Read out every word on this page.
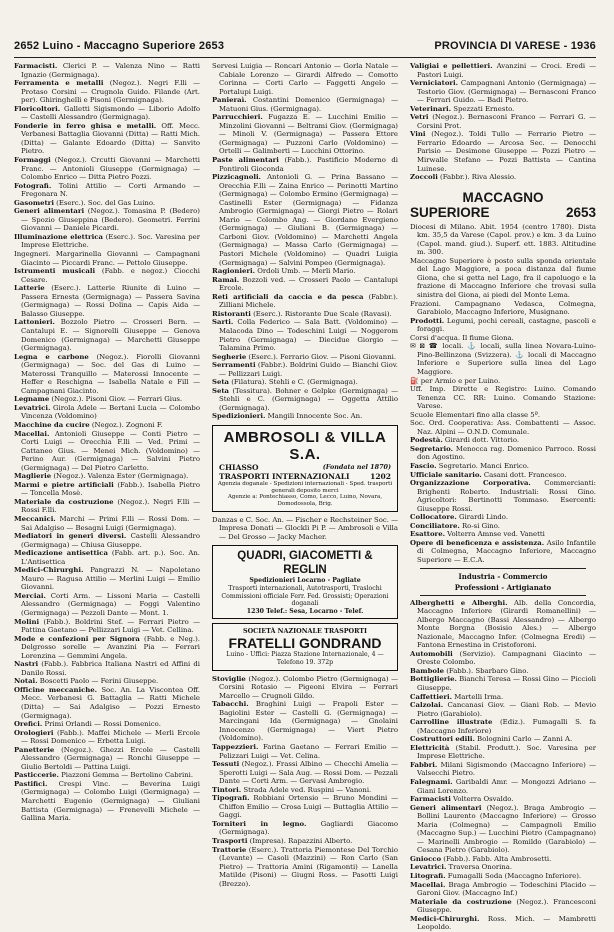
2652 Luino - Maccagno Superiore 2653	PROVINCIA DI VARESE - 1936

Farmacisti. Clerici P. — Valenza Nino — Ratti Ignazio (Germignaga).

Ferramenta e metalli (Negoz.). Negri F.lli — Protaso Corsini — Crugnola Guido. Filande (Art. per). Ghiringhelli e Pisoni (Germignaga).

Floricoltori. Galletti Sigismondo — Liborio Adolfo — Castelli Alessandro (Germignaga).

Fonderie in ferro ghisa e metalli. Off. Mecc. Verbanesi Battaglia Giovanni (Ditta) — Ratti Mich. (Ditta) — Galante Edoardo (Ditta) — Sanvito Pietro.

Formaggi (Negoz.). Crcutti Giovanni — Marchetti Franc. — Antonioli Giuseppe (Germignaga) — Colombo Enrico — Ditta Pietro Pozzi.

Fotografi. Tolini Attilio — Corti Armando — Fregonara N.

Gasometri (Eserc.). Soc. del Gas Luino.

Generi alimentari (Negoz.). Tomasina P. (Bedero) — Spozio Giuseppina (Bedero). Geometri. Ferrini Giovanni — Daniele Picardi.

Illuminazione elettrica (Eserc.). Soc. Varesina per Imprese Elettriche.

Ingegneri. Margarinella Giovanni — Campagnani Giacinto — Piccardi Franc. — Pettolo Giuseppe.

Istrumenti musicali (Fabb. e negoz.) Ciocchi Cesare.

Latterie (Eserc.). Latterie Riunite di Luino — Passera Ernesta (Germignaga) — Passera Savina (Germignaga) — Rossi Dolina — Capis Aida — Balasso Giuseppe.

Lattonieri. Bozzolo Pietro — Crosseri Bern. — Cantalupi E. — Signorelli Giuseppe — Genova Domenico (Germignaga) — Marchetti Giuseppe (Germignaga).

Legna e carbone (Negoz.). Fiorolli Giovanni (Germignaga) — Soc. del Gas di Luino — Materossi Tranquillo — Materossi Innocente — Heffer e Reschigna — Isabella Natale e Fill — Campagnani Giacinto.

Legname (Negoz.). Pisoni Giov. — Ferrari Gius.

Levatrici. Girola Adele — Bertani Lucia — Colombo Vincenza (Voldomino)

Macchine da cucire (Negoz.). Zognoni F.

Macellai. Antonioli Giuseppe — Conti Pietro — Corti Luigi — Orecchia F.lli — Ved. Primi — Cattaneo Gius. — Menei Mich. (Voldomino) — Perino Aur. (Germignaga) — Salvini Pietro (Germignaga) — Del Pietro Carletto.

Maglierie (Negoz.). Valenza Ester (Germignaga).

Marmi e pietre artificiali (Fabb.). Isabella Pietro — Toncella Mosè.

Materiale da costruzione (Negoz.). Negri F.lli — Rossi F.lli.

Meccanici. Marchi — Primi F.lli — Rossi Dom. — Sai Adalgiso — Besagni Luigi (Germignaga).

Mediatori in generi diversi. Castelli Alessandro (Germignaga) — Chiusa Giuseppe.

Medicazione antisettica (Fabb. art. p.). Soc. An. L'Antisettica

Medici-Chirurghi. Pangrazzi N. — Napoletano Mauro — Ragusa Attilio — Merlini Luigi — Emilio Giovanni.

Merciai. Corti Arm. — Lissoni Maria — Castelli Alessandro (Germignaga) — Foggi Valentino (Germignaga) — Pezzoli Dante — Mont. 1.

Molini (Fabb.). Boldrini Stef. — Ferrari Pietro — Pattina Gaetano — Pellizzari Luigi — Vet. Cellina.

Mode e confezioni per Signora (Fabb. e Neg.). Delgrosso sorelle — Avanzini Pia — Ferrari Lorenzina — Gemmini Angela.

Nastri (Fabb.). Fabbrica Italiana Nastri ed Affini di Danilo Rossi.

Notai. Boscetti Paolo — Ferini Giuseppe.

Officine meccaniche. Soc. An. La Viscontea Off. Mecc. Verbanesi G. Battaglia — Ratti Michele (Ditta) — Sai Adalgiso — Pozzi Ernesto (Germignaga).

Orefici. Primi Orlandi — Rossi Domenico.

Orologieri (Fabb.). Maffei Michele — Merli Ercole — Rossi Domenico — Erbetta Luigi.

Panetterie (Negoz.). Ghezzi Ercole — Castelli Alessandro (Germignaga) — Ronchi Giuseppe — Giulio Bertoldi — Pattina Luigi.

Pasticcerie. Piazzoni Gemma — Bertolino Cabrini.

Pastifici. Crespi Vinc. — Beverina Luigi (Germignaga) — Colombo Luigi (Germignaga) — Marchetti Eugenio (Germignaga) — Giuliani Battista (Germignaga) — Frenevelli Michele — Gallina Maria.

Servesi Luigia — Roncari Antonio — Gorla Natale — Cabiale Lorenzo — Girardi Alfredo — Comotto Corinna — Corti Carlo — Faggetti Angelo — Portalupi Luigi.

Panieraì. Costantini Domenico (Germignaga) — Matuoni Gius. (Germignaga).

Parrucchieri. Fugazza E. — Lucchini Emilio — Minzolini Giovanni — Beltrami Giov. (Germignaga) — Minoli V. (Germignaga) — Passera Ettore (Germignaga) — Puzzoni Carlo (Voldomino) — Ortelli — Galimberti — Lucchini Ottorino.

Paste alimentari (Fabb.). Pastificio Moderno di Pontiroli Gioconda

Pizzicagnoli. Antonioli G. — Prina Bassano — Orecchia F.lli — Zaina Enrico — Perinotti Martino (Germignaga) — Colombo Ermino (Germignaga) — Castinelli Ester (Germignaga) — Fidanza Ambrogio (Germignaga) — Giorgi Pietro — Rolari Mario — Colombo Ang. — Giordano Evergieno (Germignaga) — Giuliani B. (Germignaga) — Carboni Giov. (Voldomino) — Marchetti Angela (Germignaga) — Massa Carlo (Germignaga) — Pastori Michele (Voldomino) — Quadri Luigia (Germignaga) — Salvini Pompeo (Germignaga).

Ragionieri. Ordoli Umb. — Merli Mario.

Ramai. Bozzoli ved. — Crosseri Paolo — Cantalupi Ercole.

Reti artificiali da caccia e da pesca (Fabbr.). Zilliani Michele.

Ristoranti (Eserc.). Ristorante Due Scale (Ravasi).

Sarti. Colla Federico — Sala Batt. (Voldomino) — Malacoda Dino — Todeschini Luigi — Noggerom Pietro (Germignaga) — Diecidue Giorgio — Talamina Primo.

Segherie (Eserc.). Ferrario Giov. — Pisoni Giovanni.

Serramenti (Fabbr.). Boldrini Guido — Bianchi Giov. — Pellizzari Luigi.

Seta (Filatura). Stehli e C. (Germignaga).

Seta (Tessitura). Bohner e Gelpke (Germignaga) — Stehli e C. (Germignaga) — Oggetta Attilio (Germignaga).

Spedizionieri. Mangili Innocente Soc. An.

AMBROSOLI & VILLA S.A.
CHIASSO	(Fondata nel 1870)
TRASPORTI INTERNAZIONALI	1202
Agenzia doganale - Spedizioni internazionali - Sped. trasporti generali deposito merci
Agenzie a: Pontechiasso, Como, Lecco, Luino, Novara, Domodossola, Brig.

Danzas e C. Soc. An. — Fischer e Rechsteiner Soc. — Impresa Donati — Glockli Pi P. — Ambrosoli e Villa — Del Grosso — Jacky Macher.

QUADRI, GIACOMETTI & REGLIN
Spedizionieri Locarno - Pagliate
Trasporti internazionali, Autotrasporti, Traslochi
Commissioni officiale Ferr. Fed. Grossisti; Operazioni doganali
1230 Telef.: Sesa, Locarno - Telef.
SOCIETÀ NAZIONALE TRASPORTI
FRATELLI GONDRAND
Luino - Uffici: Piazza Stazione Internazionale, 4 — Telefono 19. 372p

Stoviglie (Negoz.). Colombo Pietro (Germignaga) — Corsini Rotasio — Pigeoni Elvira — Ferrari Marcello — Crugnoli Gildo.

Tabacchi. Braghini Luigi — Frapoli Ester — Bagiolini Ester — Castelli G. (Germignaga) — Marcingani Ida (Germignaga) — Gnolaini Innocenzo (Germignaga) — Viert Pietro (Voldomino).

Tappezzieri. Farina Gaetano — Ferrari Emilio — Pelizzari Luigi — Vet. Celina.

Tessuti (Negoz.). Frassi Albino — Checchi Amelia — Sperotti Luigi — Sala Aug. — Rossi Dom. — Pezzali Dante — Corti Arm. — Gervasi Ambrogio.

Tintori. Strada Adele ved. Ruspini — Vanoni.

Tipografi. Robbiani Ortensio — Bruno Mondini — Chiffon Emilio — Crosa Luigi — Buttaglia Attilio — Gaggi.

Torniteri in legno. Gagliardi Giacomo (Germignaga).

Trasporti (Impresa). Rapazzini Alberto.

Trattorie (Eserc.). Trattoria Piemontese Del Torchio (Levante) — Casoli (Mazzini) — Ron Carlo (San Pietro) — Trattoria Amini (Rigamonti) — Lanella Matilde (Pisoni) — Giugni Ross. — Pasotti Luigi (Brezzo).

Valigiai e pellettieri. Avanzini — Croci. Eredi — Pastori Luigi.

Verniciatori. Campagnani Antonio (Germignaga) — Testorio Giov. (Germignaga) — Bernasconi Franco — Ferrari Guido. — Badi Pietro.

Veterinari. Spezzati Ernesto.

Vetri (Negoz.). Bernasconi Franco — Ferrari G. — Corsini Prot.

Vini (Negoz.). Toldi Tullo — Ferrario Pietro — Ferrario Edoardo — Arcosa Sec. — Denocchi Parisio — Desimone Giuseppe — Pozzi Pietro — Mirwalle Stefano — Pozzi Battista — Cantina Luinese.

Zoccoli (Fabbr.). Riva Alessio.

MACCAGNO
SUPERIORE	2653

Diocesi di Milano. Abit. 1954 (centro 1780). Dista km. 35,5 da Varese (Capol. prov.) e km. 3 da Luino (Capol. mand. giud.). Superf. ett. 1883. Altitudine m. 300.

Maccagno Superiore è posto sulla sponda orientale del Lago Maggiore, a poca distanza dal fiume Giona, che si getta nel Lago, fra il capoluogo e la frazione di Maccagno Inferiore che trovasi sulla sinistra del Giona, ai piedi del Monte Lema.

Frazioni. Campagnano Vedasca, Colmegna, Garabiolo, Maccagno Inferiore, Musignano.

Prodotti. Legumi, pochi cereali, castagne, pascoli e foraggi.

Corsi d'acqua. Il fiume Giona.

✉ ⊠ ☎ locali. ⚓ locali, sulla linea Novara-Luino-Pino-Bellinzona (Svizzera). ⚓ locali di Maccagno Inferiore e Superiore sulla linea del Lago Maggiore.

⛽ per Armio e per Luino.

Uff. Imp. Dirette e Registro: Luino. Comando Tenenza CC. RR: Luino. Comando Stazione: Varese.

Scuole Elementari fino alla classe 5ª.

Soc. Ord. Cooperativa: Ass. Combattenti — Assoc. Naz. Alpini — O.N.D. Comunale.

Podestà. Girardi dott. Vittorio.

Segretario. Menocca rag. Domenico Parroco. Rossi don Agostino.

Fascio. Segretario. Manci Enrico.

Ufficiale sanitario. Casani dott. Francesco.

Organizzazione Corporativa. Commercianti: Brighenti Roberto. Industriali: Rossi Gino. Agricoltori: Bertinotti Tommaso. Esercenti: Giuseppe Rossi.

Collocatore. Girardi Lindo.

Conciliatore. Ro-si Gino.

Esattore. Volterra Amnse ved. Vanetti

Opere di beneficenza e assistenza. Asilo Infantile di Colmegna, Maccagno Inferiore, Maccagno Superiore — E.C.A.

Industria - Commercio
Professioni - Artigianato

Alberghetti e Alberghi. Alb. della Concordia, Maccagno Inferiore (Girardi Romanellini) — Albergo Maccagno (Bassi Alessandro) — Albergo Monte Borgna (Bosisio Ales.) — Albergo Nazionale, Maccagno Infer. (Colmegna Eredi) — Fantona Ernestina in Cristoforoni.

Automobili (Servizio). Campagnani Giacinto — Oreste Colombo.

Bambole (Fabb.). Sbarbaro Gino.

Bottiglierie. Bianchi Teresa — Rossi Gino — Piccioli Giuseppe.

Caffettieri. Martelli Irma.

Calzolai. Cancanasi Giov. — Giani Rob. — Mevio Pietro (Garabiolo).

Carrolline illustrate (Ediz.). Fumagalli S. fa (Maccagno Inferiore)

Costruttori edili. Bolognini Carlo — Zanni A.

Elettricità (Stabil. Produtt.). Soc. Varesina per Imprese Elettriche.

Fabbri. Milani Sigismondo (Maccagno Inferiore) — Valsecchi Pietro.

Falegnami. Garibaldi Amr. — Mongozzi Adriano — Giani Lorenzo.

Farmacisti Volterra Osvaldo.

Generi alimentari (Negoz.). Braga Ambrogio — Bollini Laurento (Maccagno Inferiore) — Grosso Maria (Colmegna) — Campagnoli Emilio (Maccagno Sup.) — Lucchini Pietro (Campagnano) — Marinelli Ambrogio — Romildo (Garabiolo) — Cesana Pietro (Garabiolo).

Gniocco (Fabb.). Fabb. Alta Ambrosetti.

Levatrici. Traversa Onorina.

Litografi. Fumagalli Soda (Maccagno Inferiore).

Macellai. Braga Ambrogio — Todeschini Placido — Garoni Giov. (Maccagno Inf.)

Materiale da costruzione (Negoz.). Francesconi Giuseppe.

Medici-Chirurghi. Ross. Mich. — Mambretti Leopoldo.
